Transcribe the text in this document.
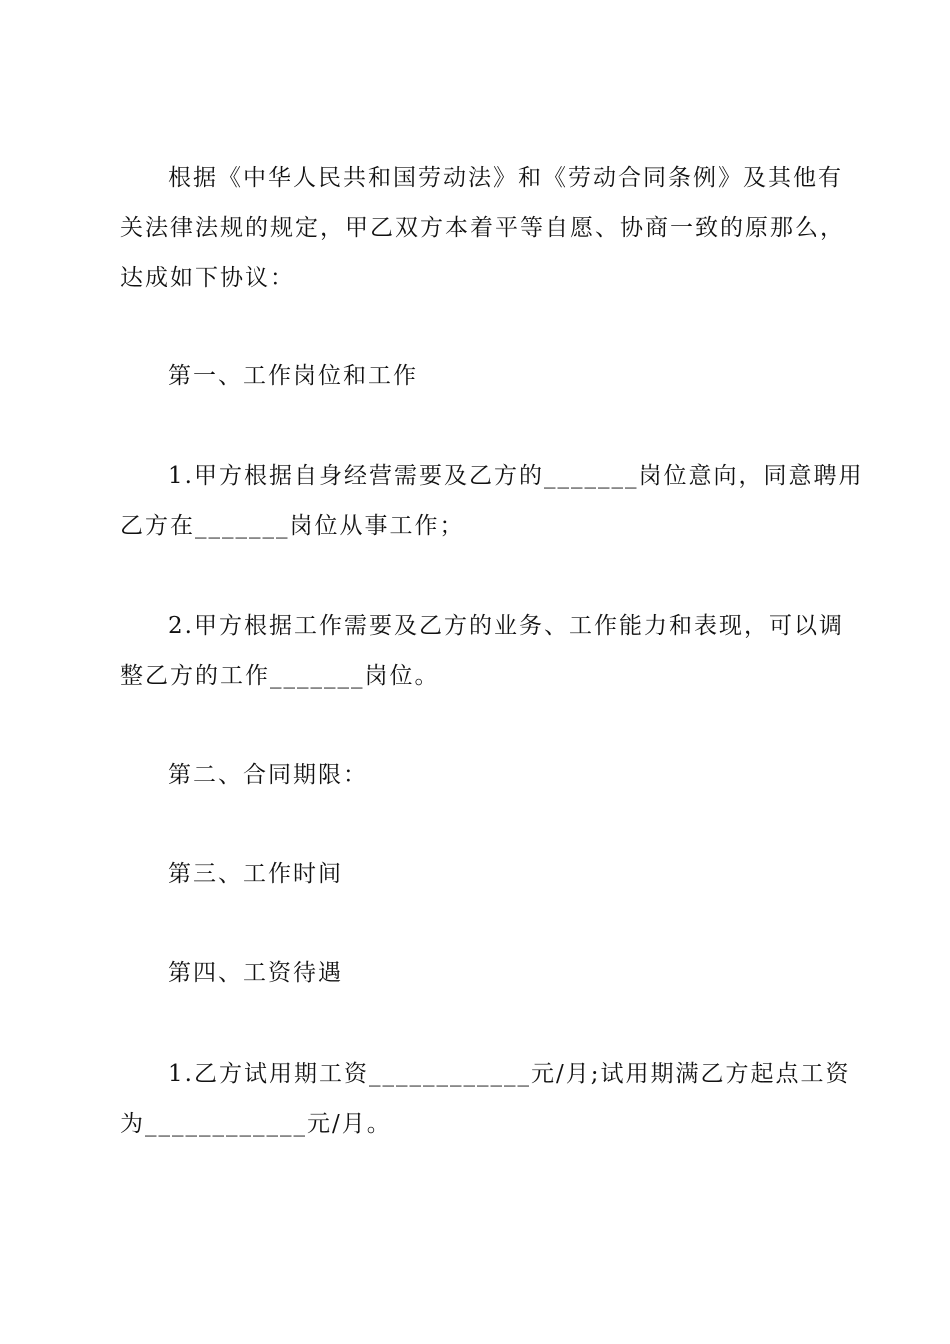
根据《中华人民共和国劳动法》和《劳动合同条例》及其他有
关法律法规的规定，甲乙双方本着平等自愿、协商一致的原那么，
达成如下协议：
第一、工作岗位和工作
1.甲方根据自身经营需要及乙方的_______岗位意向，同意聘用
乙方在_______岗位从事工作；
2.甲方根据工作需要及乙方的业务、工作能力和表现，可以调
整乙方的工作_______岗位。
第二、合同期限：
第三、工作时间
第四、工资待遇
1.乙方试用期工资____________元/月;试用期满乙方起点工资
为____________元/月。
